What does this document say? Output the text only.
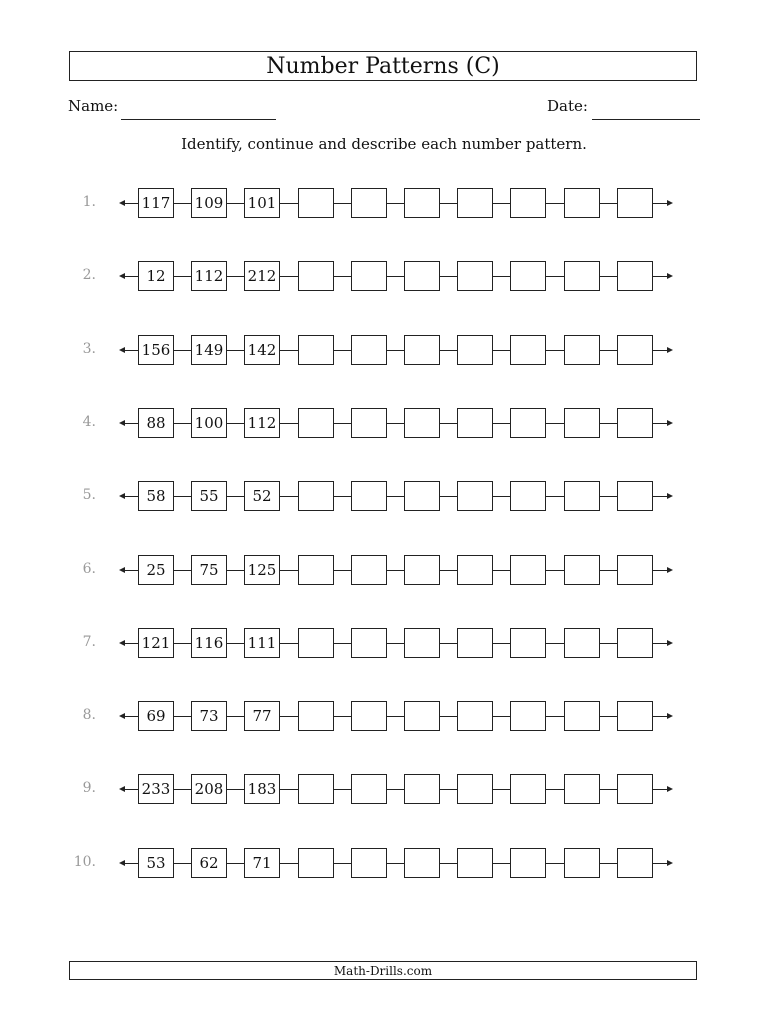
Number Patterns (C)
Name:	Date:
Identify, continue and describe each number pattern.
1.	117 109 101
2.	12	112 212
3.	156 149 142
4.	88	100 112
5.	58	55	52
6.	25	75	125
7.	121 116 111
8.	69	73	77
9.	233 208 183
10.	53	62	71
Math-Drills.com
